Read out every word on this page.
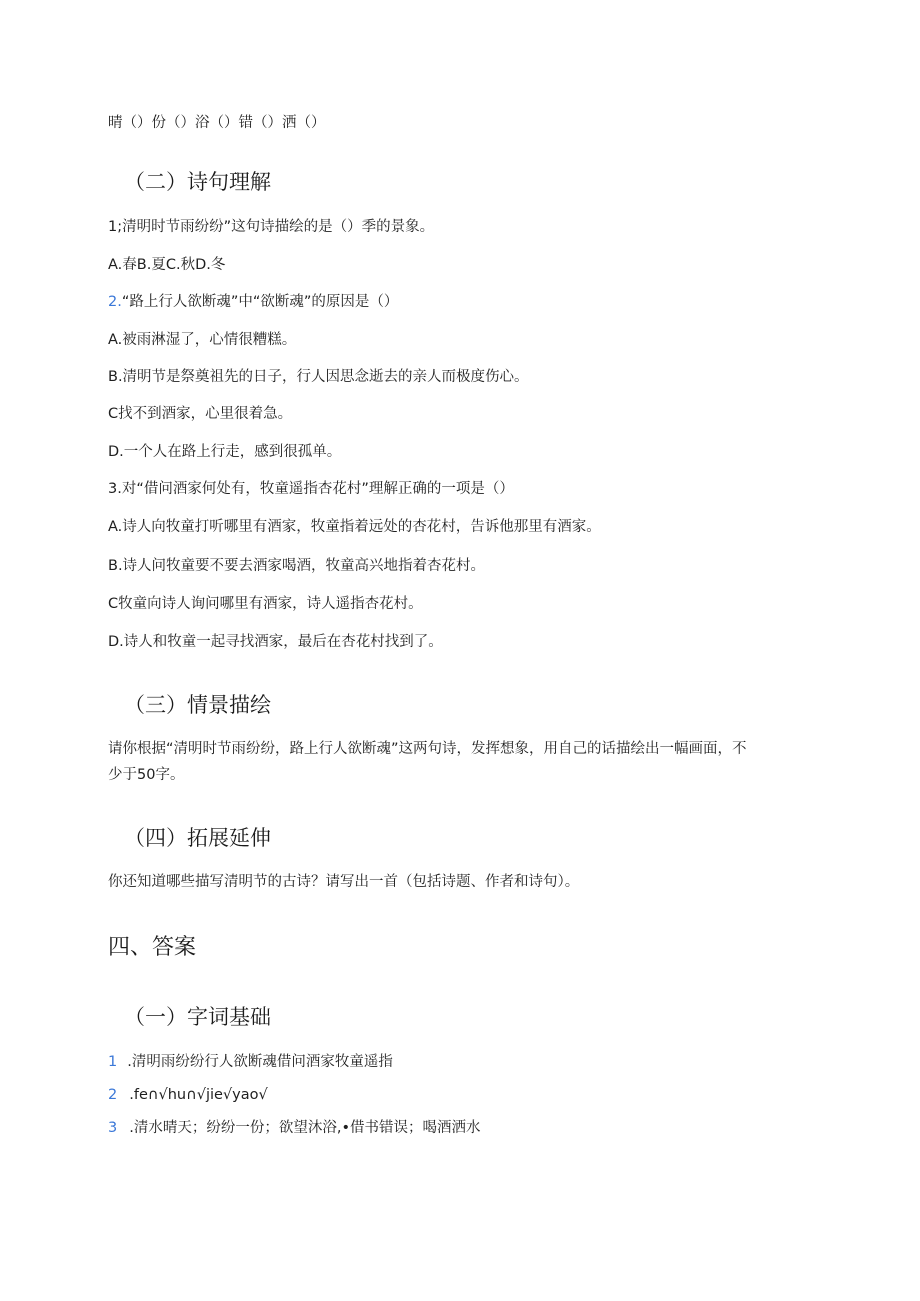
晴（）份（）浴（）错（）洒（）
（二）诗句理解
1;清明时节雨纷纷”这句诗描绘的是（）季的景象。
A.春B.夏C.秋D.冬
2.“路上行人欲断魂”中“欲断魂”的原因是（）
A.被雨淋湿了，心情很糟糕。
B.清明节是祭奠祖先的日子，行人因思念逝去的亲人而极度伤心。
C找不到酒家，心里很着急。
D.一个人在路上行走，感到很孤单。
3.对“借问酒家何处有，牧童遥指杏花村”理解正确的一项是（）
A.诗人向牧童打听哪里有酒家，牧童指着远处的杏花村，告诉他那里有酒家。
B.诗人问牧童要不要去酒家喝酒，牧童高兴地指着杏花村。
C牧童向诗人询问哪里有酒家，诗人遥指杏花村。
D.诗人和牧童一起寻找酒家，最后在杏花村找到了。
（三）情景描绘
请你根据“清明时节雨纷纷，路上行人欲断魂”这两句诗，发挥想象，用自己的话描绘出一幅画面，不
少于50字。
（四）拓展延伸
你还知道哪些描写清明节的古诗？请写出一首（包括诗题、作者和诗句）。
四、答案
（一）字词基础
1 .清明雨纷纷行人欲断魂借问酒家牧童遥指
2 .fe∩√hu∩√jie√yao√
3 .清水晴天；纷纷一份；欲望沐浴,•借书错误；喝酒洒水
